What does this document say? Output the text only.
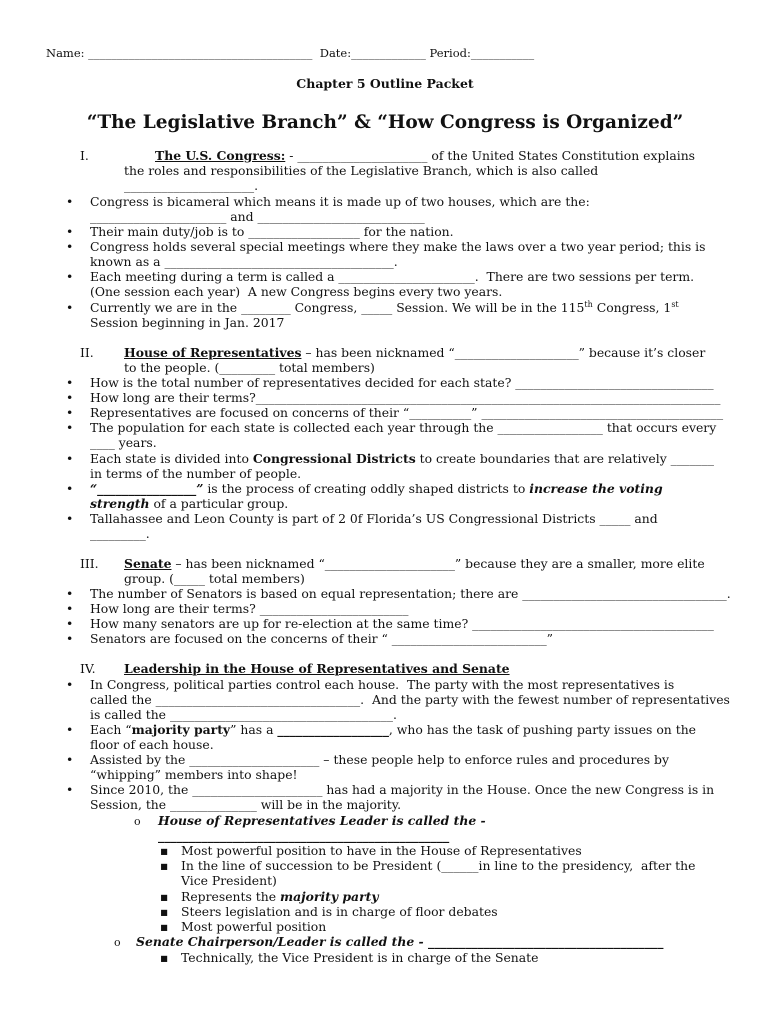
Name: _______________________________________  Date:_____________ Period:___________
Chapter 5 Outline Packet
“The Legislative Branch” & “How Congress is Organized”
I.	The U.S. Congress: - _____________________ of the United States Constitution explains
the roles and responsibilities of the Legislative Branch, which is also called
_____________________.
•
Congress is bicameral which means it is made up of two houses, which are the:
______________________ and ___________________________
•
Their main duty/job is to __________________ for the nation.
•
Congress holds several special meetings where they make the laws over a two year period; this is
known as a _____________________________________.
•
Each meeting during a term is called a ______________________.  There are two sessions per term.
(One session each year)  A new Congress begins every two years.
•
Currently we are in the ________ Congress, _____ Session. We will be in the 115th Congress, 1st
Session beginning in Jan. 2017
II. House of Representatives – has been nicknamed “____________________” because it’s closer
to the people. (_________ total members)
•
How is the total number of representatives decided for each state? ________________________________
•
How long are their terms?___________________________________________________________________________
•
Representatives are focused on concerns of their “__________” _______________________________________
•
The population for each state is collected each year through the _________________ that occurs every
____ years.
•
Each state is divided into Congressional Districts to create boundaries that are relatively _______
in terms of the number of people.
•
“________________” is the process of creating oddly shaped districts to increase the voting
strength of a particular group.
•
Tallahassee and Leon County is part of 2 0f Florida’s US Congressional Districts _____ and
_________.
III. Senate – has been nicknamed “_____________________” because they are a smaller, more elite
group. (_____ total members)
•
The number of Senators is based on equal representation; there are _________________________________.
•
How long are their terms? ________________________
•
How many senators are up for re-election at the same time? _______________________________________
•
Senators are focused on the concerns of their “ _________________________”
IV. Leadership in the House of Representatives and Senate
•
In Congress, political parties control each house.  The party with the most representatives is
called the _________________________________.  And the party with the fewest number of representatives
is called the ____________________________________.
•
Each “majority party” has a __________________, who has the task of pushing party issues on the
floor of each house.
•
Assisted by the _____________________ – these people help to enforce rules and procedures by
“whipping” members into shape!
•
Since 2010, the _____________________ has had a majority in the House. Once the new Congress is in
Session, the ______________ will be in the majority.
o
House of Representatives Leader is called the -
_______________________________________________
▪
Most powerful position to have in the House of Representatives
▪
In the line of succession to be President (______in line to the presidency,  after the
Vice President)
▪
Represents the majority party
▪
Steers legislation and is in charge of floor debates
▪
Most powerful position
o
Senate Chairperson/Leader is called the - ______________________________________
▪
Technically, the Vice President is in charge of the Senate
